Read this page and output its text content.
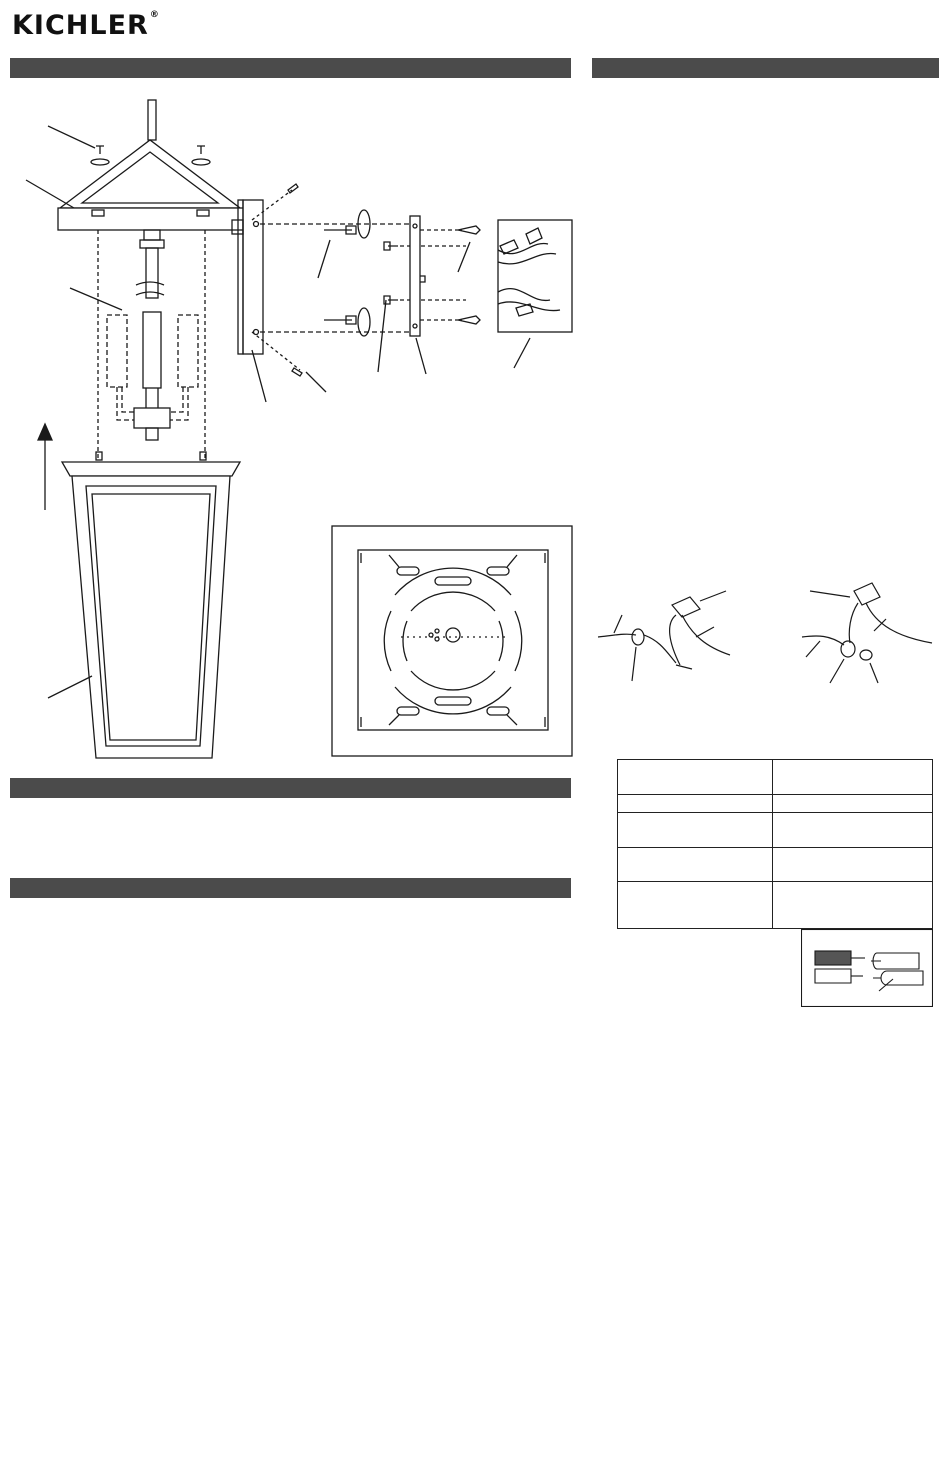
KICHLER®
